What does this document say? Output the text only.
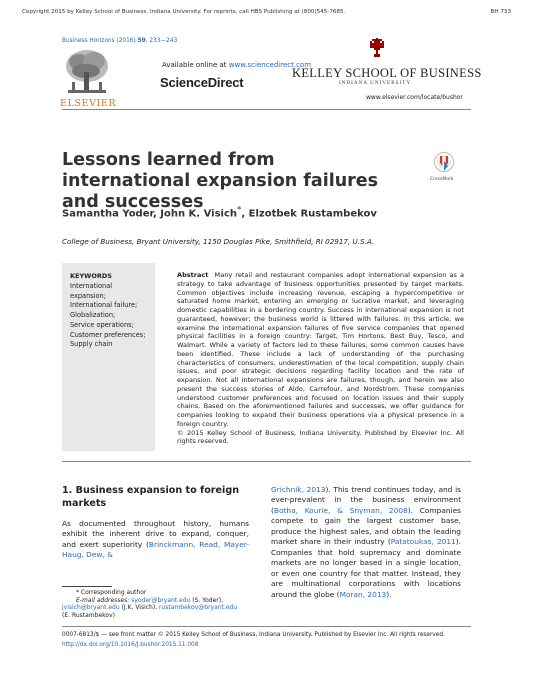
Copyright 2015 by Kelley School of Business, Indiana University. For reprints, call HBS Publishing at (800)545-7685.	BH 733
Business Horizons (2016) 59, 233—243
ELSEVIER
Available online at www.sciencedirect.com
ScienceDirect
KELLEY SCHOOL OF BUSINESS
INDIANA UNIVERSITY
www.elsevier.com/locate/bushor
Lessons learned from international expansion failures and successes
CrossMark
Samantha Yoder, John K. Visich*, Elzotbek Rustambekov
College of Business, Bryant University, 1150 Douglas Pike, Smithfield, RI 02917, U.S.A.
KEYWORDS
International
expansion;
International failure;
Globalization;
Service operations;
Customer preferences;
Supply chain
Abstract Many retail and restaurant companies adopt international expansion as a strategy to take advantage of business opportunities presented by target markets. Common objectives include increasing revenue, escaping a hypercompetitive or saturated home market, entering an emerging or lucrative market, and leveraging domestic capabilities in a bordering country. Success in international expansion is not guaranteed, however; the business world is littered with failures. In this article, we examine the international expansion failures of five service companies that opened physical facilities in a foreign country: Target, Tim Hortons, Best Buy, Tesco, and Walmart. While a variety of factors led to these failures, some common causes have been identified. These include a lack of understanding of the purchasing characteristics of consumers, underestimation of the local competition, supply chain issues, and poor strategic decisions regarding facility location and the rate of expansion. Not all international expansions are failures, though, and herein we also present the success stories of Aldo, Carrefour, and Nordstrom. These companies understood customer preferences and focused on location issues and their supply chains. Based on the aforementioned failures and successes, we offer guidance for companies looking to expand their business operations via a physical presence in a foreign country.
© 2015 Kelley School of Business, Indiana University. Published by Elsevier Inc. All rights reserved.
1. Business expansion to foreign markets
As documented throughout history, humans exhibit the inherent drive to expand, conquer, and exert superiority (Brinckmann, Read, Mayer-Haug, Dew, &
Grichnik, 2013). This trend continues today, and is ever-prevalent in the business environment (Botha, Kourie, & Snyman, 2008). Companies compete to gain the largest customer base, produce the highest sales, and obtain the leading market share in their industry (Patatoukas, 2011). Companies that hold supremacy and dominate markets are no longer based in a single location, or even one country for that matter. Instead, they are multinational corporations with locations around the globe (Moran, 2013).
* Corresponding author
E-mail addresses: syoder@bryant.edu (S. Yoder),
jvisich@bryant.edu (J.K. Visich), rustambekov@bryant.edu
(E. Rustambekov)
0007-6813/$ — see front matter © 2015 Kelley School of Business, Indiana University. Published by Elsevier Inc. All rights reserved.
http://dx.doi.org/10.1016/j.bushor.2015.11.008
